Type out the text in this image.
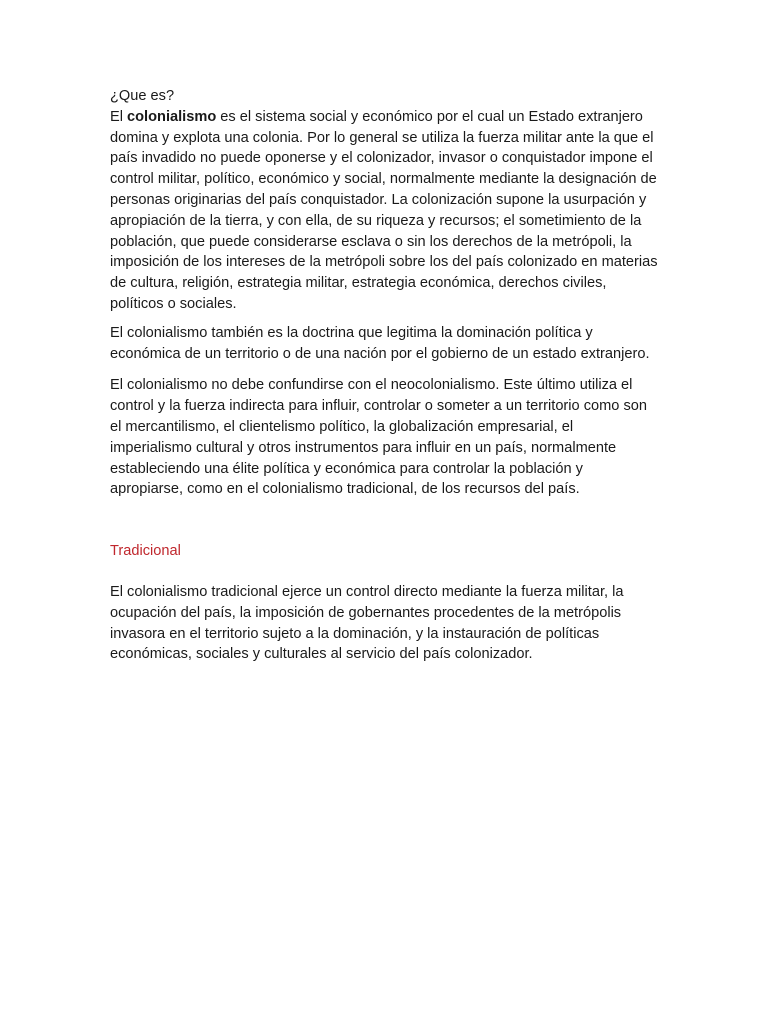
¿Que es?

El colonialismo es el sistema social y económico por el cual un Estado extranjero domina y explota una colonia. Por lo general se utiliza la fuerza militar ante la que el país invadido no puede oponerse y el colonizador, invasor o conquistador impone el control militar, político, económico y social, normalmente mediante la designación de personas originarias del país conquistador. La colonización supone la usurpación y apropiación de la tierra, y con ella, de su riqueza y recursos; el sometimiento de la población, que puede considerarse esclava o sin los derechos de la metrópoli, la imposición de los intereses de la metrópoli sobre los del país colonizado en materias de cultura, religión, estrategia militar, estrategia económica, derechos civiles, políticos o sociales.

El colonialismo también es la doctrina que legitima la dominación política y económica de un territorio o de una nación por el gobierno de un estado extranjero.

El colonialismo no debe confundirse con el neocolonialismo. Este último utiliza el control y la fuerza indirecta para influir, controlar o someter a un territorio como son el mercantilismo, el clientelismo político, la globalización empresarial, el imperialismo cultural y otros instrumentos para influir en un país, normalmente estableciendo una élite política y económica para controlar la población y apropiarse, como en el colonialismo tradicional, de los recursos del país.

Tradicional

El colonialismo tradicional ejerce un control directo mediante la fuerza militar, la ocupación del país, la imposición de gobernantes procedentes de la metrópolis invasora en el territorio sujeto a la dominación, y la instauración de políticas económicas, sociales y culturales al servicio del país colonizador.
